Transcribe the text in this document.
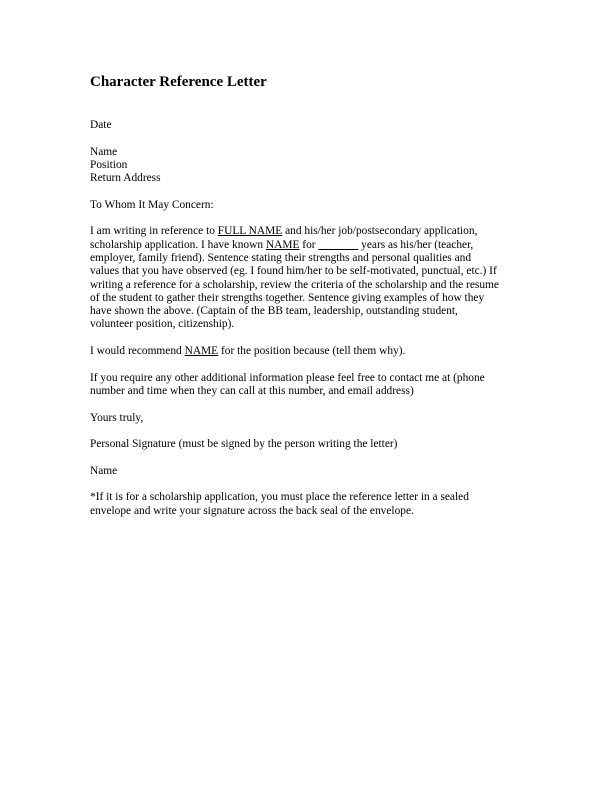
Character Reference Letter

Date

Name
Position
Return Address

To Whom It May Concern:

I am writing in reference to FULL NAME and his/her job/postsecondary application,
scholarship application. I have known NAME for _______ years as his/her (teacher,
employer, family friend). Sentence stating their strengths and personal qualities and
values that you have observed (eg. I found him/her to be self-motivated, punctual, etc.) If
writing a reference for a scholarship, review the criteria of the scholarship and the resume
of the student to gather their strengths together. Sentence giving examples of how they
have shown the above. (Captain of the BB team, leadership, outstanding student,
volunteer position, citizenship).

I would recommend NAME for the position because (tell them why).

If you require any other additional information please feel free to contact me at (phone
number and time when they can call at this number, and email address)

Yours truly,

Personal Signature (must be signed by the person writing the letter)

Name

*If it is for a scholarship application, you must place the reference letter in a sealed
envelope and write your signature across the back seal of the envelope.
